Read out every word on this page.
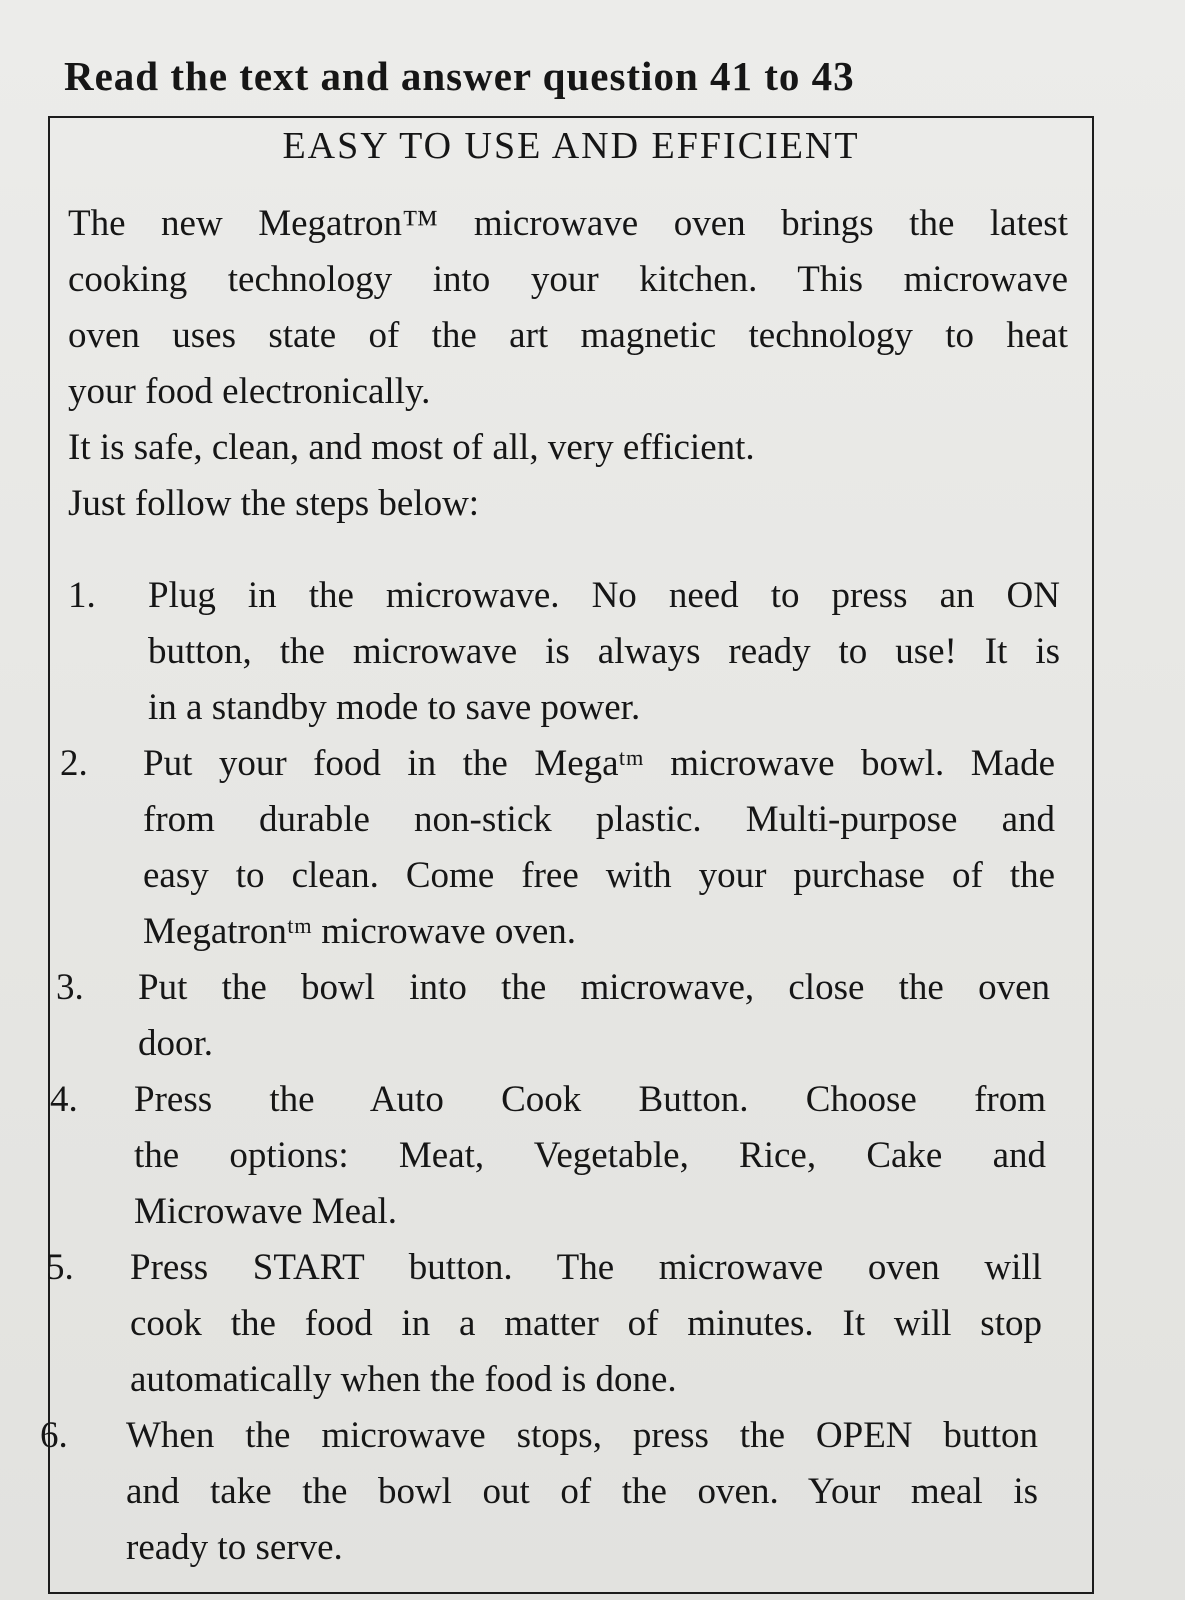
Read the text and answer question 41 to 43
EASY TO USE AND EFFICIENT
The new Megatron™ microwave oven brings the latest
cooking technology into your kitchen. This microwave
oven uses state of the art magnetic technology to heat
your food electronically.
It is safe, clean, and most of all, very efficient.
Just follow the steps below:
1. Plug in the microwave. No need to press an ON
button, the microwave is always ready to use! It is
in a standby mode to save power.
2. Put your food in the Megaᵗᵐ microwave bowl. Made
from durable non-stick plastic. Multi-purpose and
easy to clean. Come free with your purchase of the
Megatronᵗᵐ microwave oven.
3. Put the bowl into the microwave, close the oven
door.
4. Press the Auto Cook Button. Choose from
the options: Meat, Vegetable, Rice, Cake and
Microwave Meal.
5. Press START button. The microwave oven will
cook the food in a matter of minutes. It will stop
automatically when the food is done.
6. When the microwave stops, press the OPEN button
and take the bowl out of the oven. Your meal is
ready to serve.
